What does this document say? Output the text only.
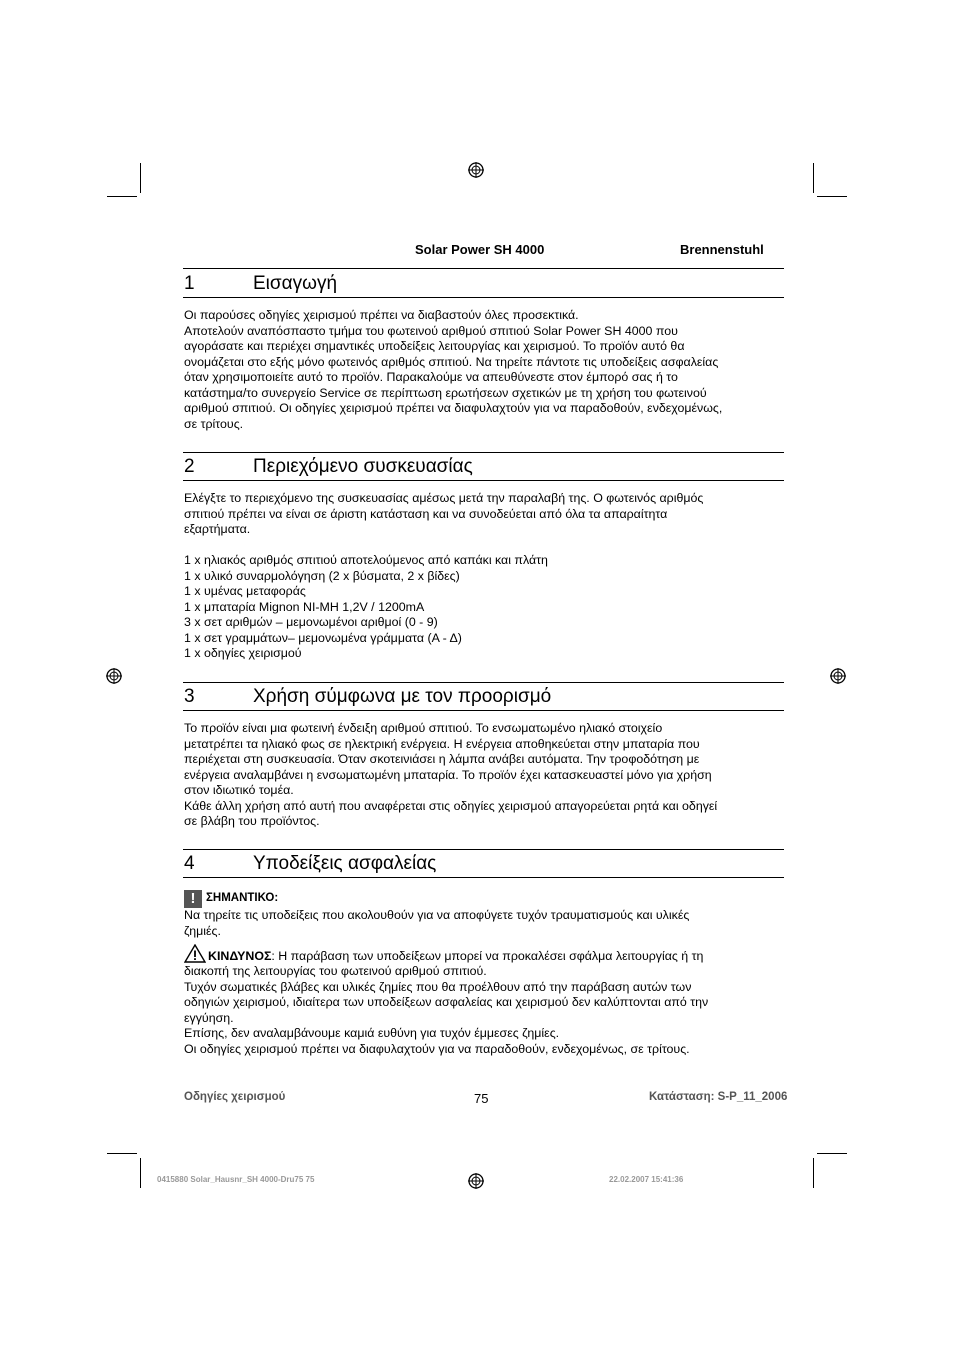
Solar Power SH 4000	Brennenstuhl
1	Εισαγωγή
Οι παρούσες οδηγίες χειρισμού πρέπει να διαβαστούν όλες προσεκτικά.
Αποτελούν αναπόσπαστο τμήμα του φωτεινού αριθμού σπιτιού Solar Power SH 4000 που
αγοράσατε και περιέχει σημαντικές υποδείξεις λειτουργίας και χειρισμού. Το προϊόν αυτό θα
ονομάζεται στο εξής μόνο φωτεινός αριθμός σπιτιού. Να τηρείτε πάντοτε τις υποδείξεις ασφαλείας
όταν χρησιμοποιείτε αυτό το προϊόν. Παρακαλούμε να απευθύνεστε στον έμπορό σας ή το
κατάστημα/το συνεργείο Service σε περίπτωση ερωτήσεων σχετικών με τη χρήση του φωτεινού
αριθμού σπιτιού. Οι οδηγίες χειρισμού πρέπει να διαφυλαχτούν για να παραδοθούν, ενδεχομένως,
σε τρίτους.
2	Περιεχόμενο συσκευασίας
Ελέγξτε το περιεχόμενο της συσκευασίας αμέσως μετά την παραλαβή της. Ο φωτεινός αριθμός
σπιτιού πρέπει να είναι σε άριστη κατάσταση και να συνοδεύεται από όλα τα απαραίτητα
εξαρτήματα.
1 x ηλιακός αριθμός σπιτιού αποτελούμενος από καπάκι και πλάτη
1 x υλικό συναρμολόγηση (2 x βύσματα, 2 x βίδες)
1 x υμένας μεταφοράς
1 x μπαταρία Mignon NI-MH 1,2V / 1200mA
3 x σετ αριθμών – μεμονωμένοι αριθμοί (0 - 9)
1 x σετ γραμμάτων– μεμονωμένα γράμματα (Α - Δ)
1 x οδηγίες χειρισμού
3	Χρήση σύμφωνα με τον προορισμό
Το προϊόν είναι μια φωτεινή ένδειξη αριθμού σπιτιού. Το ενσωματωμένο ηλιακό στοιχείο
μετατρέπει τα ηλιακό φως σε ηλεκτρική ενέργεια. Η ενέργεια αποθηκεύεται στην μπαταρία που
περιέχεται στη συσκευασία. Όταν σκοτεινιάσει η λάμπα ανάβει αυτόματα. Την τροφοδότηση με
ενέργεια αναλαμβάνει η ενσωματωμένη μπαταρία. Το προϊόν έχει κατασκευαστεί μόνο για χρήση
στον ιδιωτικό τομέα.
Κάθε άλλη χρήση από αυτή που αναφέρεται στις οδηγίες χειρισμού απαγορεύεται ρητά και οδηγεί
σε βλάβη του προϊόντος.
4	Υποδείξεις ασφαλείας
! ΣΗΜΑΝΤΙΚΟ:
Να τηρείτε τις υποδείξεις που ακολουθούν για να αποφύγετε τυχόν τραυματισμούς και υλικές
ζημιές.
ΚΙΝΔΥΝΟΣ: Η παράβαση των υποδείξεων μπορεί να προκαλέσει σφάλμα λειτουργίας ή τη
διακοπή της λειτουργίας του φωτεινού αριθμού σπιτιού.
Τυχόν σωματικές βλάβες και υλικές ζημίες που θα προέλθουν από την παράβαση αυτών των
οδηγιών χειρισμού, ιδιαίτερα των υποδείξεων ασφαλείας και χειρισμού δεν καλύπτονται από την
εγγύηση.
Επίσης, δεν αναλαμβάνουμε καμιά ευθύνη για τυχόν έμμεσες ζημίες.
Οι οδηγίες χειρισμού πρέπει να διαφυλαχτούν για να παραδοθούν, ενδεχομένως, σε τρίτους.
Οδηγίες χειρισμού	75	Κατάσταση: S-P_11_2006
0415880 Solar_Hausnr_SH 4000-Dru75 75	22.02.2007 15:41:36
